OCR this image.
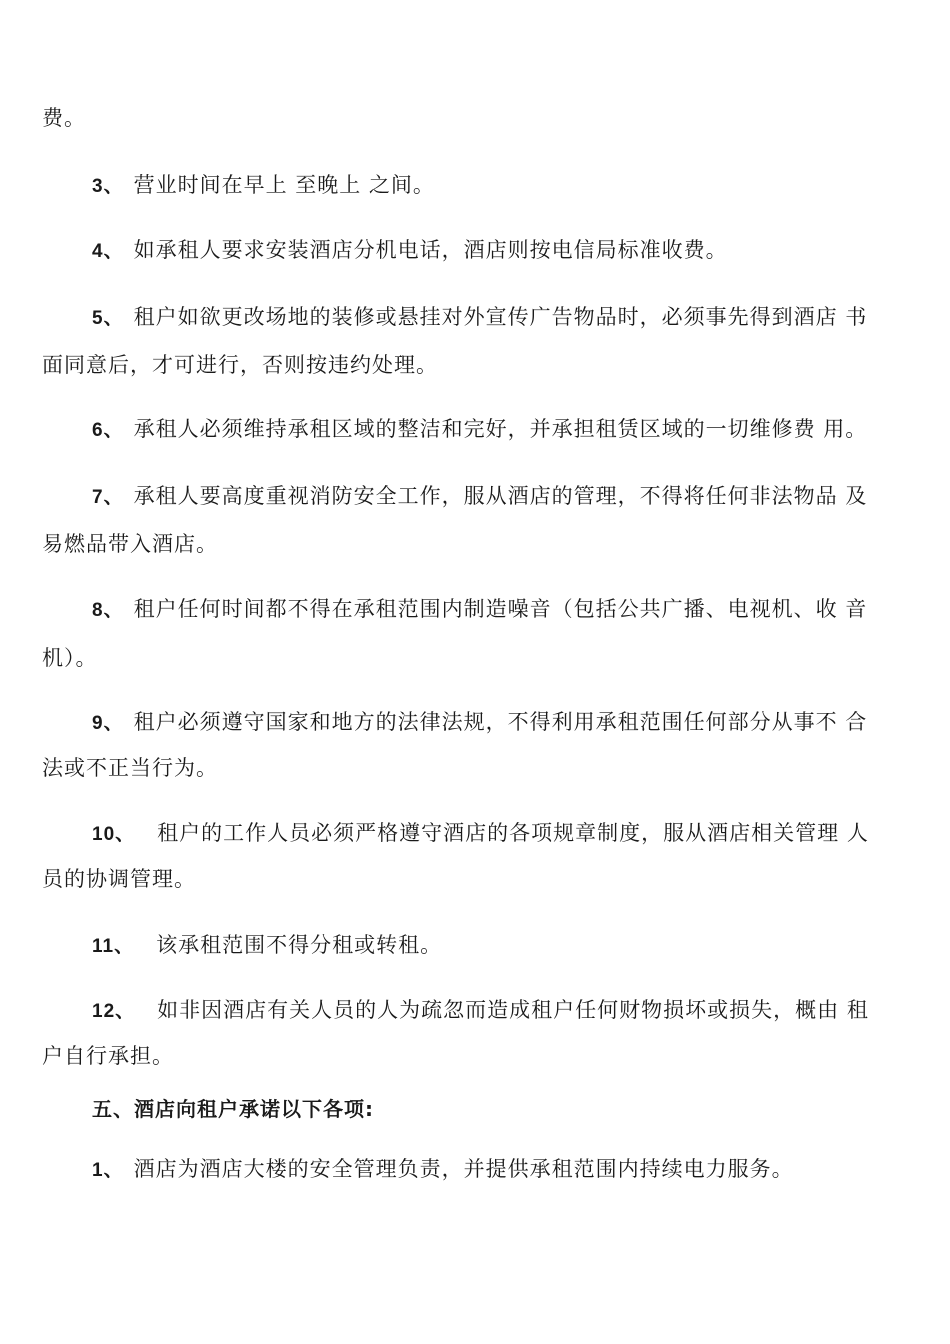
费。
3、 营业时间在早上 至晚上 之间。
4、 如承租人要求安装酒店分机电话，酒店则按电信局标准收费。
5、 租户如欲更改场地的装修或悬挂对外宣传广告物品时，必须事先得到酒店 书
面同意后，才可进行，否则按违约处理。
6、 承租人必须维持承租区域的整洁和完好，并承担租赁区域的一切维修费 用。
7、 承租人要高度重视消防安全工作，服从酒店的管理，不得将任何非法物品 及
易燃品带入酒店。
8、 租户任何时间都不得在承租范围内制造噪音（包括公共广播、电视机、收 音
机）。
9、 租户必须遵守国家和地方的法律法规，不得利用承租范围任何部分从事不 合
法或不正当行为。
10、 租户的工作人员必须严格遵守酒店的各项规章制度，服从酒店相关管理 人
员的协调管理。
11、 该承租范围不得分租或转租。
12、 如非因酒店有关人员的人为疏忽而造成租户任何财物损坏或损失，概由 租
户自行承担。
五、酒店向租户承诺以下各项:
1、 酒店为酒店大楼的安全管理负责，并提供承租范围内持续电力服务。
